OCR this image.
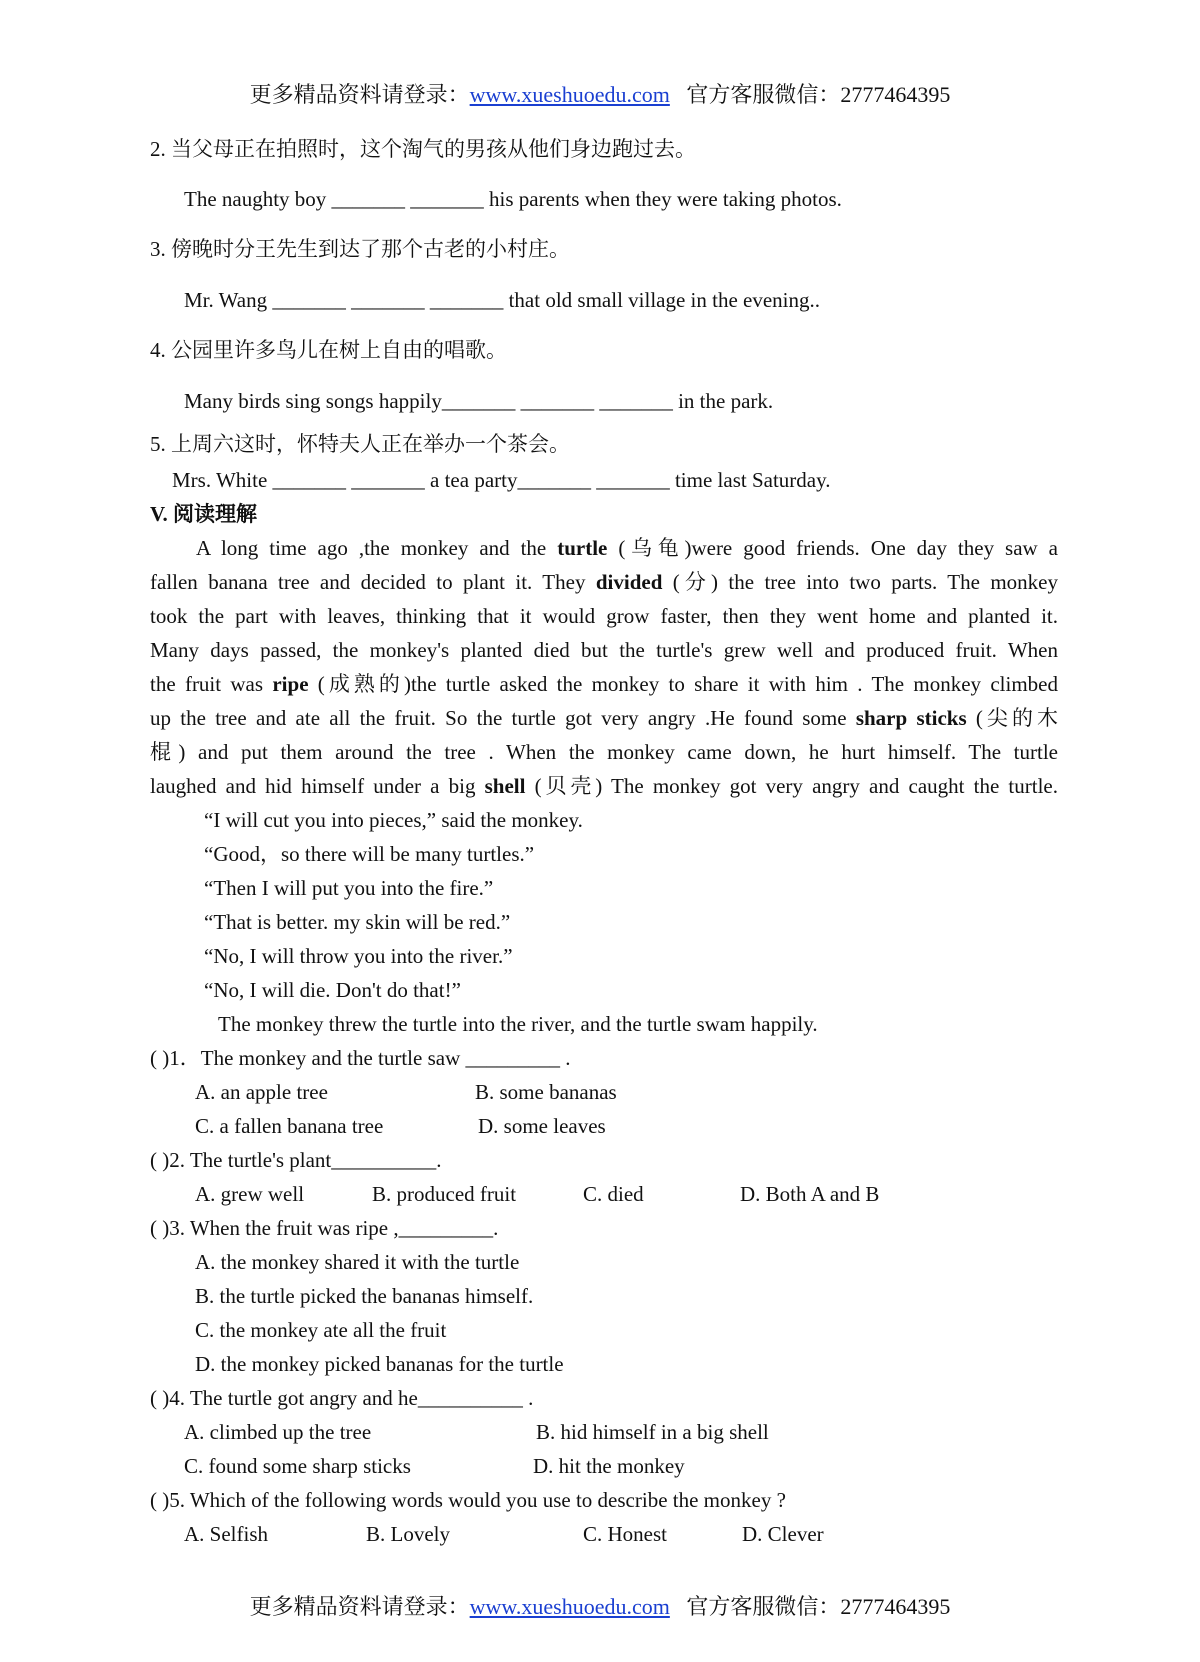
更多精品资料请登录：www.xueshuoedu.com 官方客服微信：2777464395
2. 当父母正在拍照时，这个淘气的男孩从他们身边跑过去。
The naughty boy _______ _______ his parents when they were taking photos.
3. 傍晚时分王先生到达了那个古老的小村庄。
Mr. Wang _______ _______ _______ that old small village in the evening..
4. 公园里许多鸟儿在树上自由的唱歌。
Many birds sing songs happily_______ _______ _______ in the park.
5. 上周六这时，怀特夫人正在举办一个茶会。
Mrs. White _______ _______ a tea party_______ _______ time last Saturday.
V. 阅读理解
A long time ago ,the monkey and the turtle (乌龟)were good friends. One day they saw a
fallen banana tree and decided to plant it. They divided (分) the tree into two parts. The monkey
took the part with leaves, thinking that it would grow faster, then they went home and planted it.
Many days passed, the monkey's planted died but the turtle's grew well and produced fruit. When
the fruit was ripe (成熟的)the turtle asked the monkey to share it with him . The monkey climbed
up the tree and ate all the fruit. So the turtle got very angry .He found some sharp sticks (尖的木
棍) and put them around the tree . When the monkey came down, he hurt himself. The turtle
laughed and hid himself under a big shell (贝壳) The monkey got very angry and caught the turtle.
“I will cut you into pieces,” said the monkey.
“Good，so there will be many turtles.”
“Then I will put you into the fire.”
“That is better. my skin will be red.”
“No, I will throw you into the river.”
“No, I will die. Don't do that!”
The monkey threw the turtle into the river, and the turtle swam happily.
( )1．The monkey and the turtle saw _________ .
A. an apple tree	B. some bananas
C. a fallen banana tree	D. some leaves
( )2. The turtle's plant__________.
A. grew well	B. produced fruit	C. died	D. Both A and B
( )3. When the fruit was ripe ,_________.
A. the monkey shared it with the turtle
B. the turtle picked the bananas himself.
C. the monkey ate all the fruit
D. the monkey picked bananas for the turtle
( )4. The turtle got angry and he__________ .
A. climbed up the tree	B. hid himself in a big shell
C. found some sharp sticks	D. hit the monkey
( )5. Which of the following words would you use to describe the monkey ?
A. Selfish	B. Lovely	C. Honest	D. Clever
更多精品资料请登录：www.xueshuoedu.com 官方客服微信：2777464395
